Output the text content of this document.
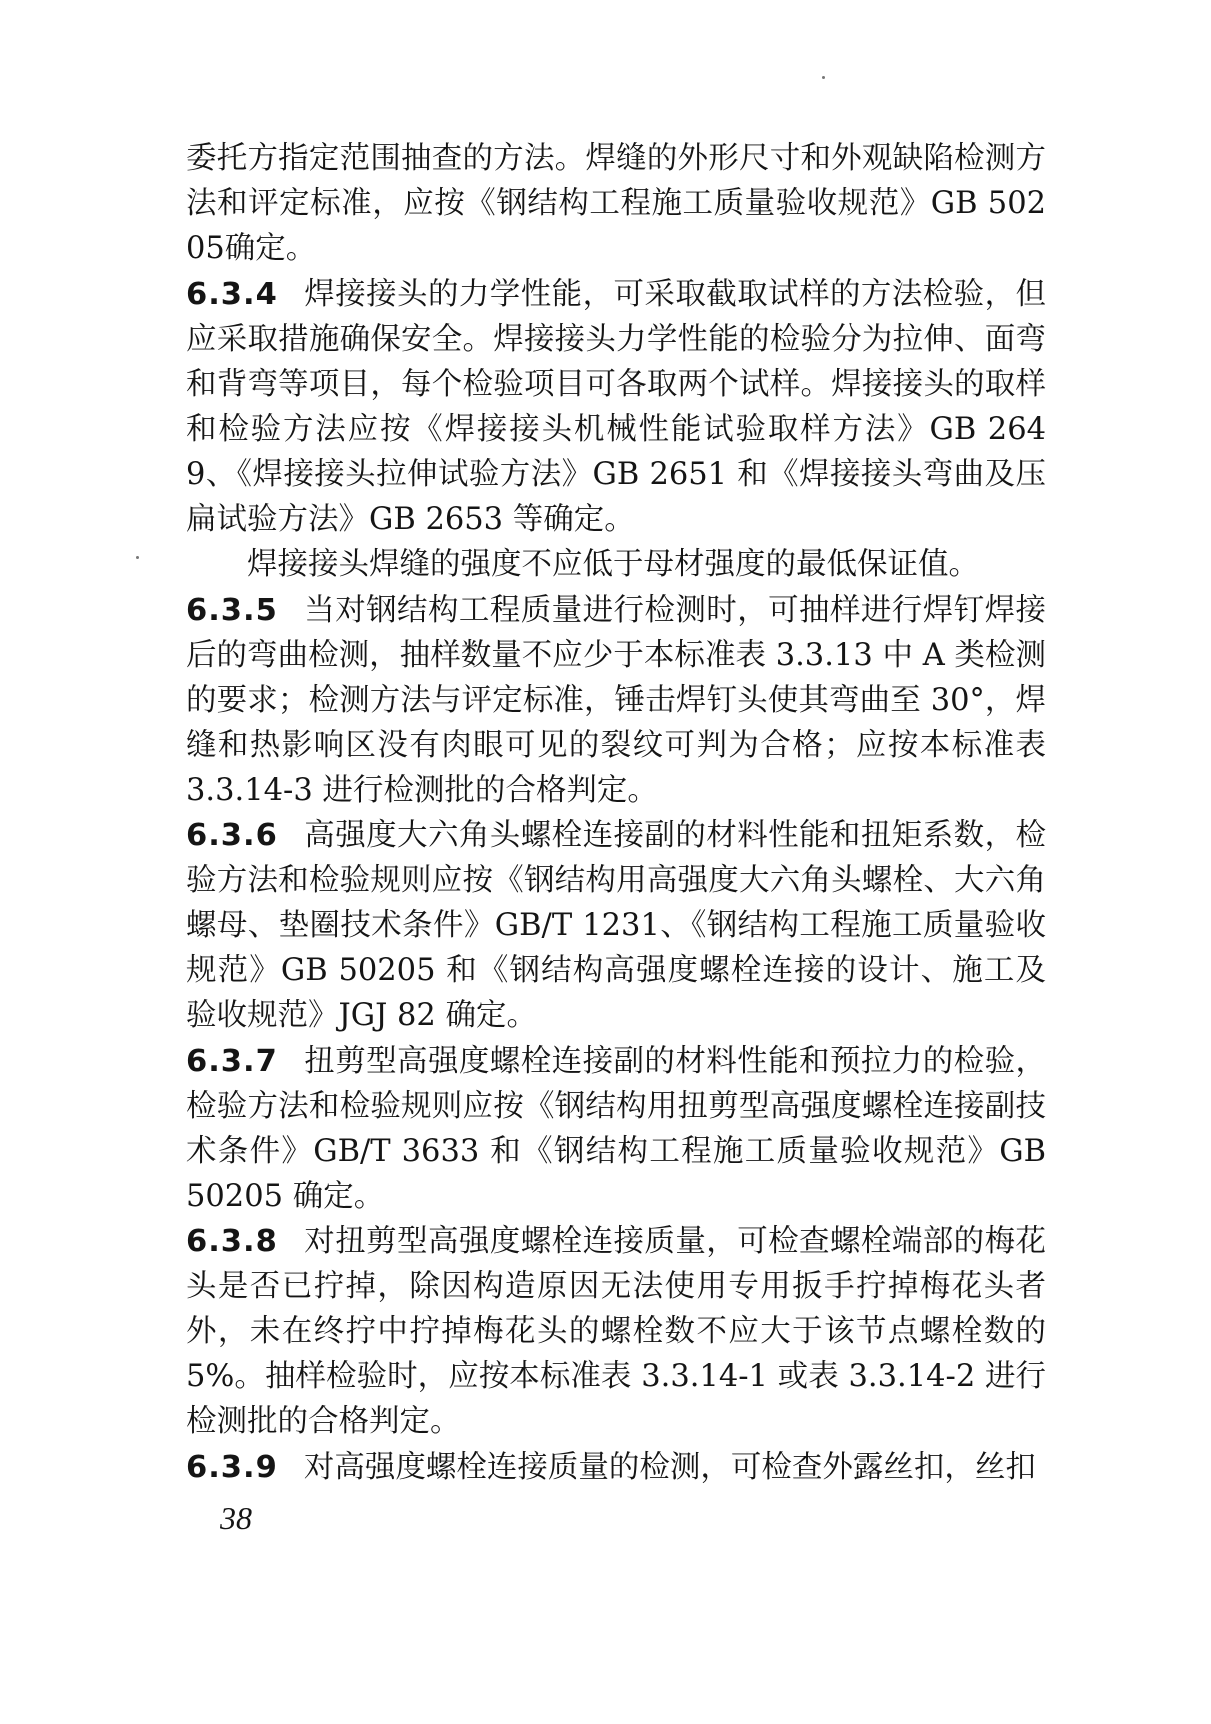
委托方指定范围抽查的方法。焊缝的外形尺寸和外观缺陷检测方法和评定标准，应按《钢结构工程施工质量验收规范》GB 50205确定。

6.3.4 焊接接头的力学性能，可采取截取试样的方法检验，但应采取措施确保安全。焊接接头力学性能的检验分为拉伸、面弯和背弯等项目，每个检验项目可各取两个试样。焊接接头的取样和检验方法应按《焊接接头机械性能试验取样方法》GB 2649、《焊接接头拉伸试验方法》GB 2651 和《焊接接头弯曲及压扁试验方法》GB 2653 等确定。

焊接接头焊缝的强度不应低于母材强度的最低保证值。

6.3.5 当对钢结构工程质量进行检测时，可抽样进行焊钉焊接后的弯曲检测，抽样数量不应少于本标准表 3.3.13 中 A 类检测的要求；检测方法与评定标准，锤击焊钉头使其弯曲至 30°，焊缝和热影响区没有肉眼可见的裂纹可判为合格；应按本标准表 3.3.14-3 进行检测批的合格判定。

6.3.6 高强度大六角头螺栓连接副的材料性能和扭矩系数，检验方法和检验规则应按《钢结构用高强度大六角头螺栓、大六角螺母、垫圈技术条件》GB/T 1231、《钢结构工程施工质量验收规范》GB 50205 和《钢结构高强度螺栓连接的设计、施工及验收规范》JGJ 82 确定。

6.3.7 扭剪型高强度螺栓连接副的材料性能和预拉力的检验，检验方法和检验规则应按《钢结构用扭剪型高强度螺栓连接副技术条件》GB/T 3633 和《钢结构工程施工质量验收规范》GB 50205 确定。

6.3.8 对扭剪型高强度螺栓连接质量，可检查螺栓端部的梅花头是否已拧掉，除因构造原因无法使用专用扳手拧掉梅花头者外，未在终拧中拧掉梅花头的螺栓数不应大于该节点螺栓数的 5%。抽样检验时，应按本标准表 3.3.14-1 或表 3.3.14-2 进行检测批的合格判定。

6.3.9 对高强度螺栓连接质量的检测，可检查外露丝扣，丝扣

38
